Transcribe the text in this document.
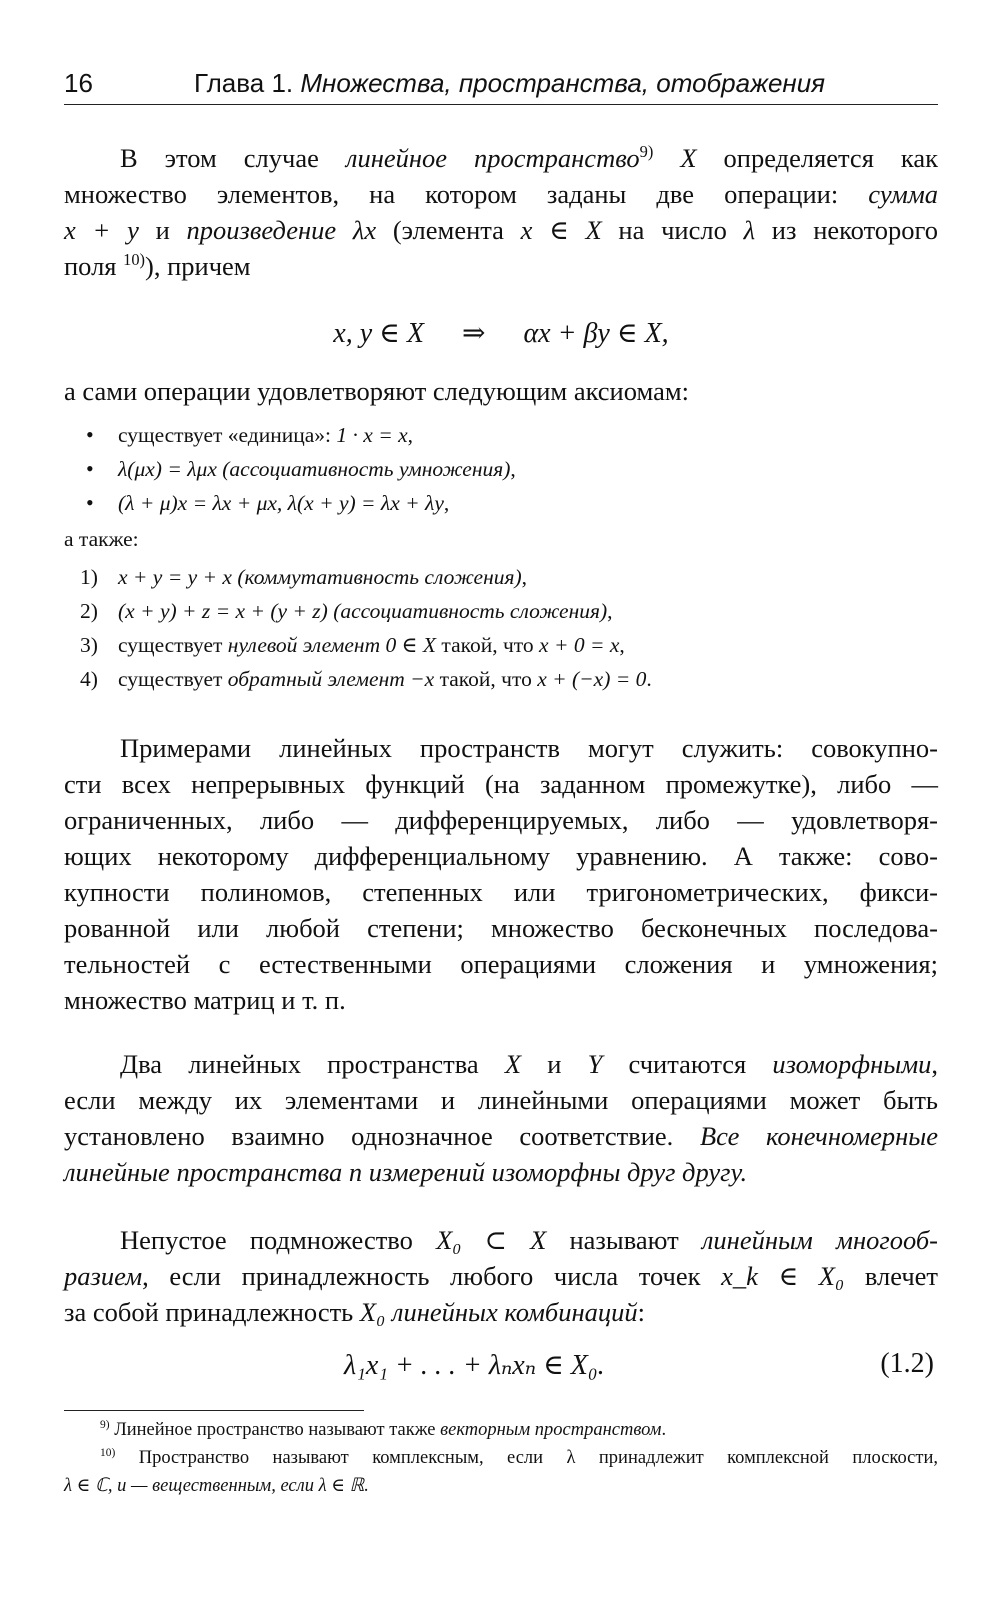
16	Глава 1. Множества, пространства, отображения
В этом случае линейное пространство$^{9)}$ X определяется как
множество элементов, на котором заданы две операции: сумма
x + y и произведение λx (элемента x ∈ X на число λ из некоторого
поля $^{10)}$), причем
x, y ∈ X ⇒ αx + βy ∈ X,
а сами операции удовлетворяют следующим аксиомам:
• существует «единица»: 1 · x = x,
• λ(μx) = λμx (ассоциативность умножения),
• (λ + μ)x = λx + μx, λ(x + y) = λx + λy,
а также:
1) x + y = y + x (коммутативность сложения),
2) (x + y) + z = x + (y + z) (ассоциативность сложения),
3) существует нулевой элемент 0 ∈ X такой, что x + 0 = x,
4) существует обратный элемент −x такой, что x + (−x) = 0.
Примерами линейных пространств могут служить: совокупно-
сти всех непрерывных функций (на заданном промежутке), либо —
ограниченных, либо — дифференцируемых, либо — удовлетворя-
ющих некоторому дифференциальному уравнению. А также: сово-
купности полиномов, степенных или тригонометрических, фикси-
рованной или любой степени; множество бесконечных последова-
тельностей с естественными операциями сложения и умножения;
множество матриц и т. п.
Два линейных пространства X и Y считаются изоморфными,
если между их элементами и линейными операциями может быть
установлено взаимно однозначное соответствие. Все конечномерные
линейные пространства n измерений изоморфны друг другу.
Непустое подмножество X₀ ⊂ X называют линейным многооб-
разием, если принадлежность любого числа точек x_k ∈ X₀ влечет
за собой принадлежность X₀ линейных комбинаций:
λ₁x₁ + . . . + λₙxₙ ∈ X₀.	(1.2)

$^{9)}$ Линейное пространство называют также векторным пространством.

$^{10)}$ Пространство называют комплексным, если λ принадлежит комплексной плоскости,
λ ∈ ℂ, и — вещественным, если λ ∈ ℝ.
